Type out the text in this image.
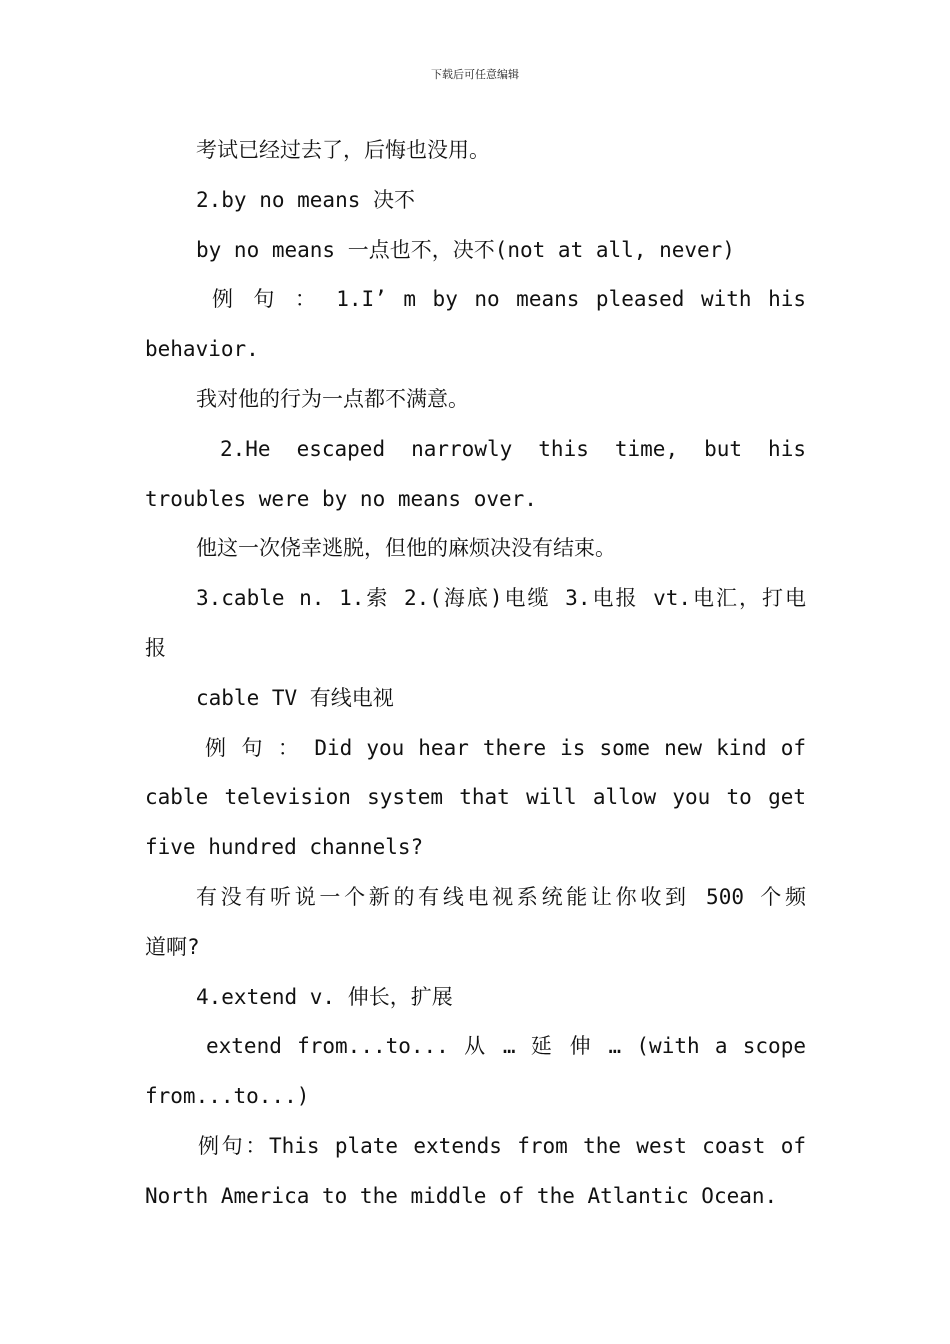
下载后可任意编辑
考试已经过去了，后悔也没用。
2.by no means 决不
by no means 一点也不，决不(not at all, never)
例 句 ： 1.I’ m by no means pleased with his
behavior.
我对他的行为一点都不满意。
2.He escaped narrowly this time, but his
troubles were by no means over.
他这一次侥幸逃脱，但他的麻烦决没有结束。
3.cable n. 1.索 2.(海底)电缆 3.电报 vt.电汇，打电
报
cable TV 有线电视
例 句 ： Did you hear there is some new kind of
cable television system that will allow you to get
five hundred channels?
有没有听说一个新的有线电视系统能让你收到 500 个频
道啊?
4.extend v. 伸长，扩展
extend from...to... 从 … 延 伸 … (with a scope
from...to...)
例句：This plate extends from the west coast of
North America to the middle of the Atlantic Ocean.
